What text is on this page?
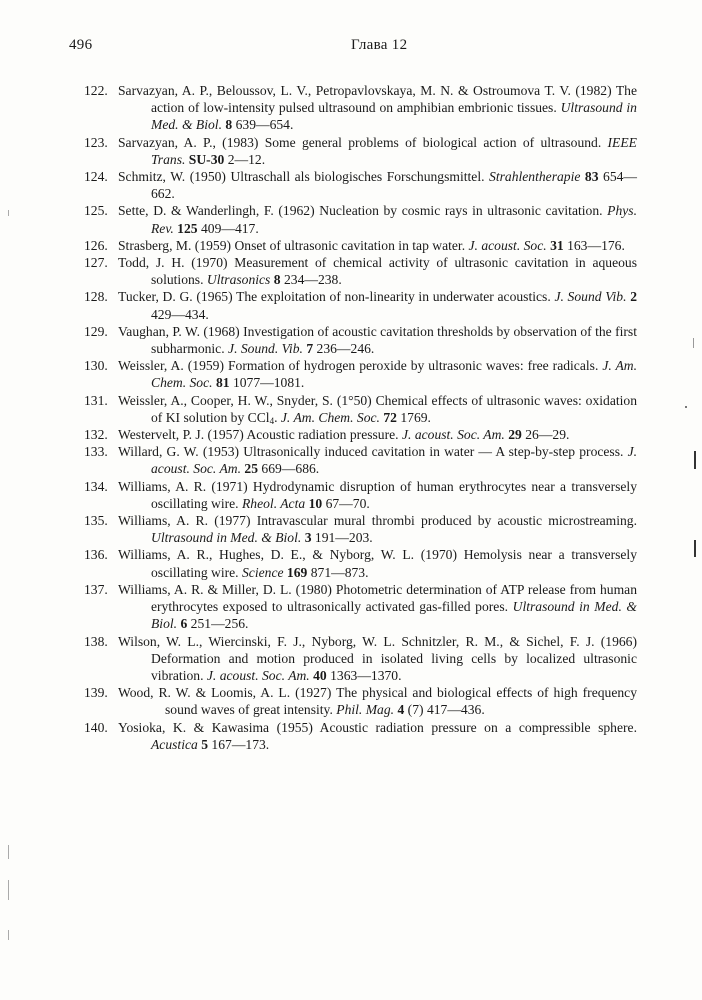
496	Глава 12
122. Sarvazyan, A. P., Beloussov, L. V., Petropavlovskaya, M. N. & Ostroumova T. V. (1982) The action of low-intensity pulsed ultrasound on amphibian embrionic tissues. Ultrasound in Med. & Biol. 8 639—654.
123. Sarvazyan, A. P., (1983) Some general problems of biological action of ultrasound. IEEE Trans. SU-30 2—12.
124. Schmitz, W. (1950) Ultraschall als biologisches Forschungsmittel. Strahlentherapie 83 654—662.
125. Sette, D. & Wanderlingh, F. (1962) Nucleation by cosmic rays in ultrasonic cavitation. Phys. Rev. 125 409—417.
126. Strasberg, M. (1959) Onset of ultrasonic cavitation in tap water. J. acoust. Soc. 31 163—176.
127. Todd, J. H. (1970) Measurement of chemical activity of ultrasonic cavitation in aqueous solutions. Ultrasonics 8 234—238.
128. Tucker, D. G. (1965) The exploitation of non-linearity in underwater acoustics. J. Sound Vib. 2 429—434.
129. Vaughan, P. W. (1968) Investigation of acoustic cavitation thresholds by observation of the first subharmonic. J. Sound. Vib. 7 236—246.
130. Weissler, A. (1959) Formation of hydrogen peroxide by ultrasonic waves: free radicals. J. Am. Chem. Soc. 81 1077—1081.
131. Weissler, A., Cooper, H. W., Snyder, S. (1°50) Chemical effects of ultrasonic waves: oxidation of KI solution by CCl$_4$. J. Am. Chem. Soc. 72 1769.
132. Westervelt, P. J. (1957) Acoustic radiation pressure. J. acoust. Soc. Am. 29 26—29.
133. Willard, G. W. (1953) Ultrasonically induced cavitation in water — A step-by-step process. J. acoust. Soc. Am. 25 669—686.
134. Williams, A. R. (1971) Hydrodynamic disruption of human erythrocytes near a transversely oscillating wire. Rheol. Acta 10 67—70.
135. Williams, A. R. (1977) Intravascular mural thrombi produced by acoustic microstreaming. Ultrasound in Med. & Biol. 3 191—203.
136. Williams, A. R., Hughes, D. E., & Nyborg, W. L. (1970) Hemolysis near a transversely oscillating wire. Science 169 871—873.
137. Williams, A. R. & Miller, D. L. (1980) Photometric determination of ATP release from human erythrocytes exposed to ultrasonically activated gas-filled pores. Ultrasound in Med. & Biol. 6 251—256.
138. Wilson, W. L., Wiercinski, F. J., Nyborg, W. L. Schnitzler, R. M., & Sichel, F. J. (1966) Deformation and motion produced in isolated living cells by localized ultrasonic vibration. J. acoust. Soc. Am. 40 1363—1370.
139. Wood, R. W. & Loomis, A. L. (1927) The physical and biological effects of high frequency sound waves of great intensity. Phil. Mag. 4 (7) 417—436.
140. Yosioka, K. & Kawasima (1955) Acoustic radiation pressure on a compressible sphere. Acustica 5 167—173.
